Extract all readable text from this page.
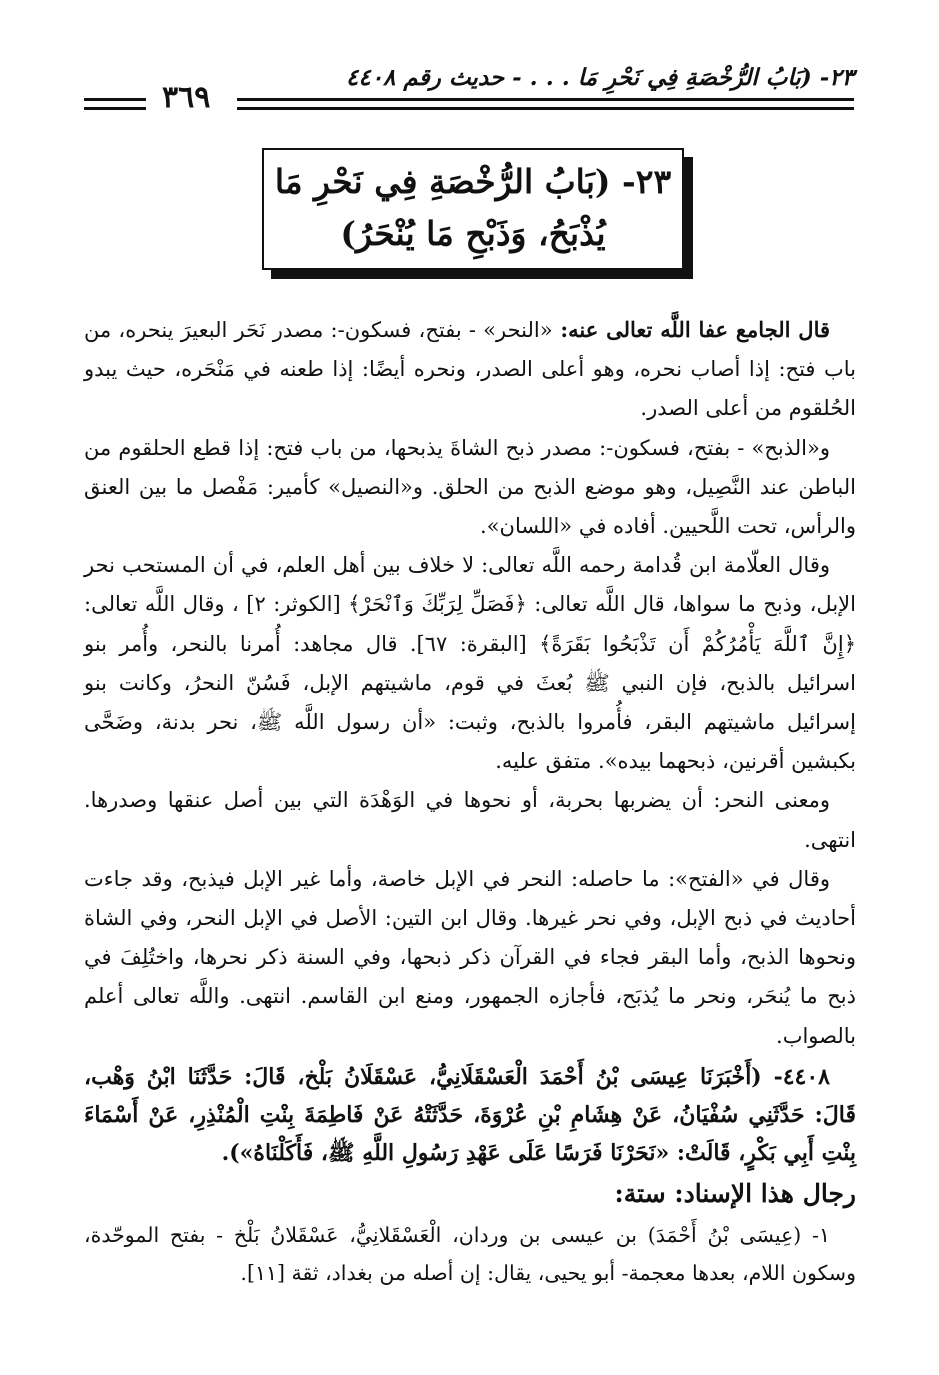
٣٦٩
٢٣- (بَابُ الرُّخْصَةِ فِي نَحْرِ مَا . . . - حديث رقم ٤٤٠٨
٢٣- (بَابُ الرُّخْصَةِ فِي نَحْرِ مَا
يُذْبَحُ، وَذَبْحِ مَا يُنْحَرُ)

قال الجامع عفا اللَّه تعالى عنه: «النحر» - بفتح، فسكون-: مصدر نَحَر البعيرَ ينحره، من باب فتح: إذا أصاب نحره، وهو أعلى الصدر، ونحره أيضًا: إذا طعنه في مَنْحَره، حيث يبدو الحُلقوم من أعلى الصدر.

و«الذبح» - بفتح، فسكون-: مصدر ذبح الشاةَ يذبحها، من باب فتح: إذا قطع الحلقوم من الباطن عند النَّصِيل، وهو موضع الذبح من الحلق. و«النصيل» كأمير: مَفْصل ما بين العنق والرأس، تحت اللَّحيين. أفاده في «اللسان».

وقال العلّامة ابن قُدامة رحمه اللَّه تعالى: لا خلاف بين أهل العلم، في أن المستحب نحر الإبل، وذبح ما سواها، قال اللَّه تعالى: ﴿فَصَلِّ لِرَبِّكَ وَٱنْحَرْ﴾ [الكوثر: ٢] ، وقال اللَّه تعالى: ﴿إِنَّ ٱللَّهَ يَأْمُرُكُمْ أَن تَذْبَحُوا بَقَرَةً﴾ [البقرة: ٦٧]. قال مجاهد: أُمرنا بالنحر، وأُمر بنو اسرائيل بالذبح، فإن النبي ﷺ بُعثَ في قوم، ماشيتهم الإبل، فَسُنّ النحرُ، وكانت بنو إسرائيل ماشيتهم البقر، فأُمروا بالذبح، وثبت: «أن رسول اللَّه ﷺ، نحر بدنة، وضَحَّى بكبشين أقرنين، ذبحهما بيده». متفق عليه.

ومعنى النحر: أن يضربها بحربة، أو نحوها في الوَهْدَة التي بين أصل عنقها وصدرها. انتهى.

وقال في «الفتح»: ما حاصله: النحر في الإبل خاصة، وأما غير الإبل فيذبح، وقد جاءت أحاديث في ذبح الإبل، وفي نحر غيرها. وقال ابن التين: الأصل في الإبل النحر، وفي الشاة ونحوها الذبح، وأما البقر فجاء في القرآن ذكر ذبحها، وفي السنة ذكر نحرها، واختُلِفَ في ذبح ما يُنحَر، ونحر ما يُذبَح، فأجازه الجمهور، ومنع ابن القاسم. انتهى. واللَّه تعالى أعلم بالصواب.

٤٤٠٨- (أَخْبَرَنَا عِيسَى بْنُ أَحْمَدَ الْعَسْقَلَانِيُّ، عَسْقَلَانُ بَلْخ، قَالَ: حَدَّثَنَا ابْنُ وَهْب، قَالَ: حَدَّثَنِي سُفْيَانُ، عَنْ هِشَامِ بْنِ عُرْوَةَ، حَدَّثَتْهُ عَنْ فَاطِمَةَ بِنْتِ الْمُنْذِرِ، عَنْ أَسْمَاءَ بِنْتِ أَبِي بَكْرٍ، قَالَتْ: «نَحَرْنَا فَرَسًا عَلَى عَهْدِ رَسُولِ اللَّهِ ﷺ، فَأَكَلْنَاهُ»).

رجال هذا الإسناد: ستة:

١- (عِيسَى بْنُ أَحْمَدَ) بن عيسى بن وردان، الْعَسْقَلانِيُّ، عَسْقَلانُ بَلْخ - بفتح الموحّدة، وسكون اللام، بعدها معجمة- أبو يحيى، يقال: إن أصله من بغداد، ثقة [١١].
